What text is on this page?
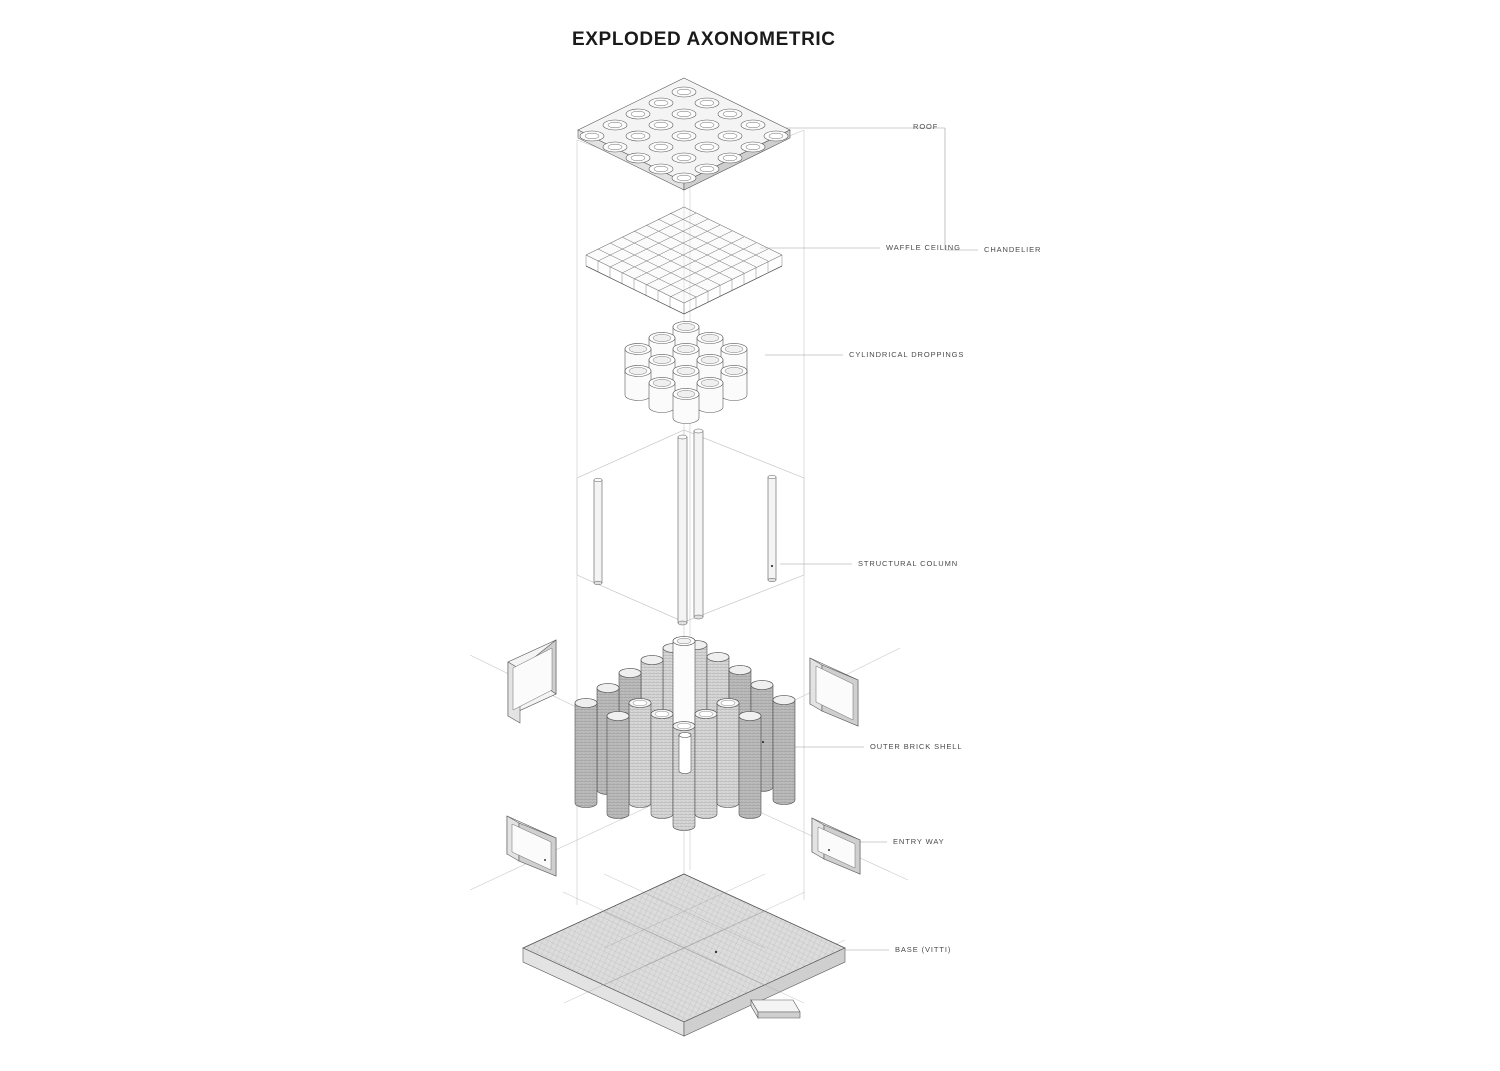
EXPLODED AXONOMETRIC
ROOF
WAFFLE CEILING	CHANDELIER
CYLINDRICAL DROPPINGS
STRUCTURAL COLUMN
OUTER BRICK SHELL
ENTRY WAY
BASE (VITTI)
